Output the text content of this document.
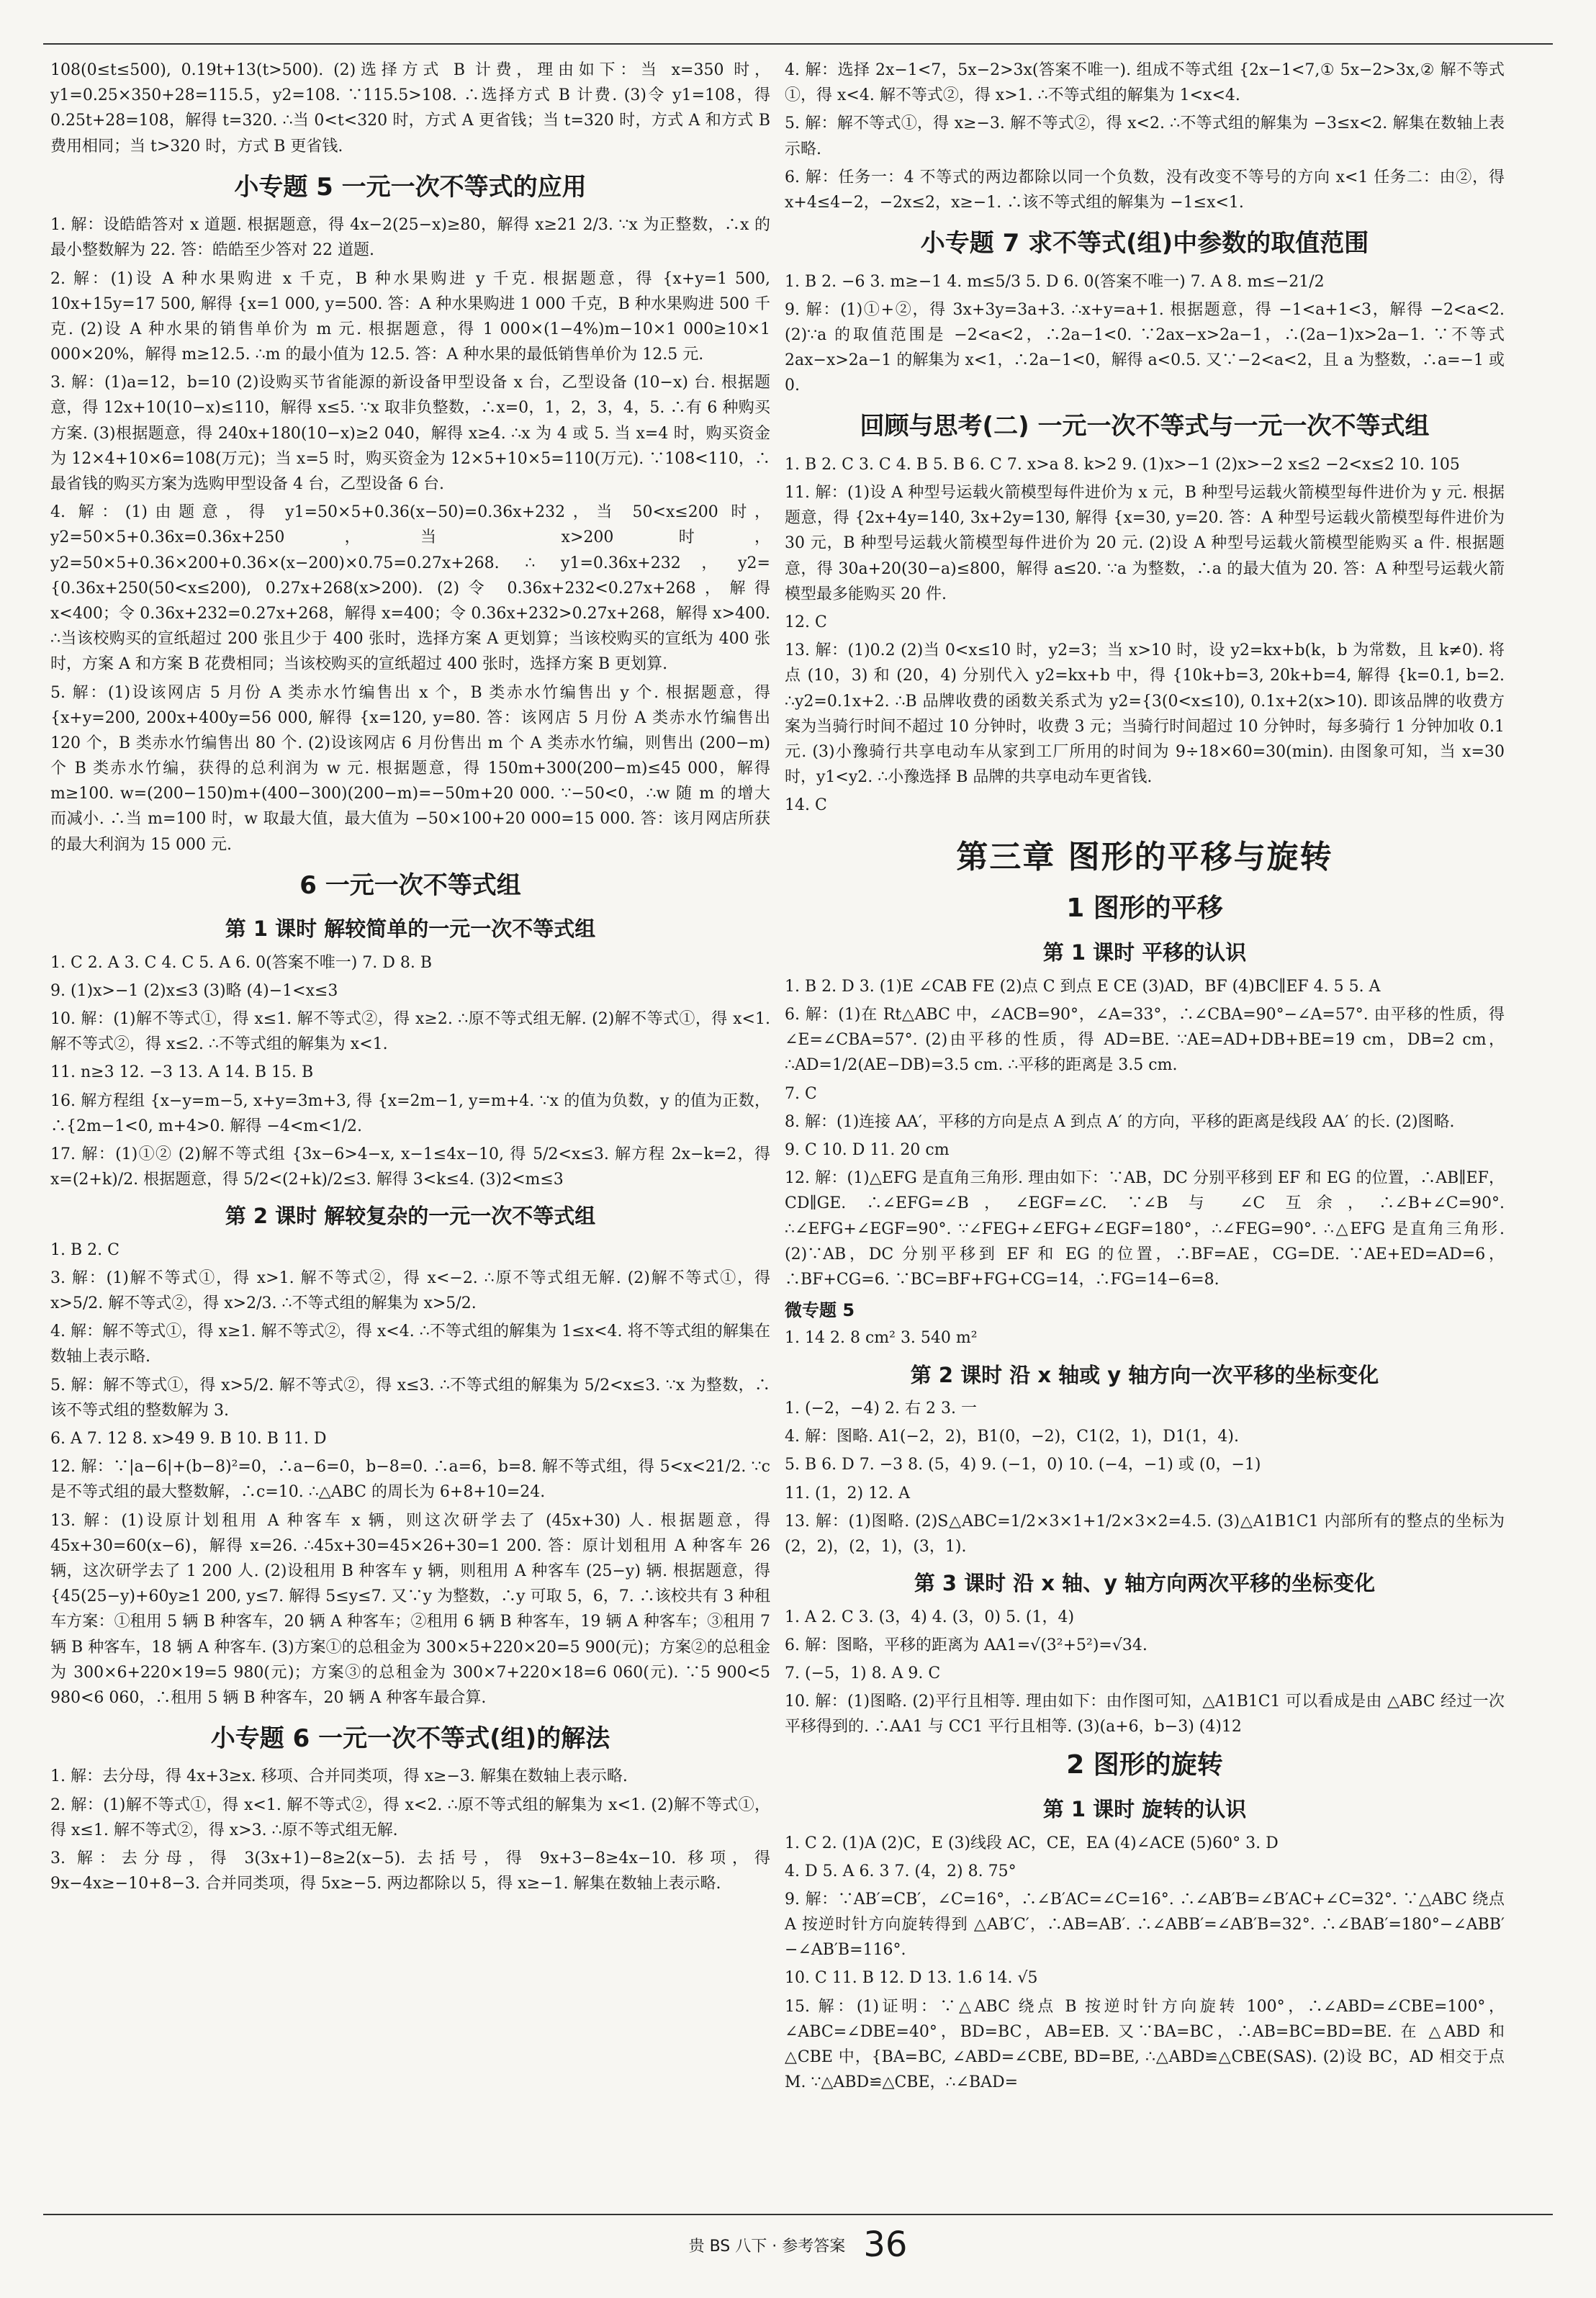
108(0≤t≤500), 0.19t+13(t>500). (2)选择方式 B 计费，理由如下：当 x=350 时，y1=0.25×350+28=115.5，y2=108. ∵115.5>108. ∴选择方式 B 计费. (3)令 y1=108，得 0.25t+28=108，解得 t=320. ∴当 0<t<320 时，方式 A 更省钱；当 t=320 时，方式 A 和方式 B 费用相同；当 t>320 时，方式 B 更省钱.

小专题 5 一元一次不等式的应用

1. 解：设皓皓答对 x 道题. 根据题意，得 4x−2(25−x)≥80，解得 x≥21 2/3. ∵x 为正整数，∴x 的最小整数解为 22. 答：皓皓至少答对 22 道题.

2. 解：(1)设 A 种水果购进 x 千克，B 种水果购进 y 千克. 根据题意，得 {x+y=1 500, 10x+15y=17 500, 解得 {x=1 000, y=500. 答：A 种水果购进 1 000 千克，B 种水果购进 500 千克. (2)设 A 种水果的销售单价为 m 元. 根据题意，得 1 000×(1−4%)m−10×1 000≥10×1 000×20%，解得 m≥12.5. ∴m 的最小值为 12.5. 答：A 种水果的最低销售单价为 12.5 元.

3. 解：(1)a=12，b=10 (2)设购买节省能源的新设备甲型设备 x 台，乙型设备 (10−x) 台. 根据题意，得 12x+10(10−x)≤110，解得 x≤5. ∵x 取非负整数，∴x=0，1，2，3，4，5. ∴有 6 种购买方案. (3)根据题意，得 240x+180(10−x)≥2 040，解得 x≥4. ∴x 为 4 或 5. 当 x=4 时，购买资金为 12×4+10×6=108(万元)；当 x=5 时，购买资金为 12×5+10×5=110(万元). ∵108<110，∴最省钱的购买方案为选购甲型设备 4 台，乙型设备 6 台.

4. 解：(1)由题意，得 y1=50×5+0.36(x−50)=0.36x+232，当 50<x≤200 时，y2=50×5+0.36x=0.36x+250，当 x>200 时，y2=50×5+0.36×200+0.36×(x−200)×0.75=0.27x+268. ∴ y1=0.36x+232，y2={0.36x+250(50<x≤200), 0.27x+268(x>200). (2)令 0.36x+232<0.27x+268，解得 x<400；令 0.36x+232=0.27x+268，解得 x=400；令 0.36x+232>0.27x+268，解得 x>400. ∴当该校购买的宣纸超过 200 张且少于 400 张时，选择方案 A 更划算；当该校购买的宣纸为 400 张时，方案 A 和方案 B 花费相同；当该校购买的宣纸超过 400 张时，选择方案 B 更划算.

5. 解：(1)设该网店 5 月份 A 类赤水竹编售出 x 个，B 类赤水竹编售出 y 个. 根据题意，得 {x+y=200, 200x+400y=56 000, 解得 {x=120, y=80. 答：该网店 5 月份 A 类赤水竹编售出 120 个，B 类赤水竹编售出 80 个. (2)设该网店 6 月份售出 m 个 A 类赤水竹编，则售出 (200−m) 个 B 类赤水竹编，获得的总利润为 w 元. 根据题意，得 150m+300(200−m)≤45 000，解得 m≥100. w=(200−150)m+(400−300)(200−m)=−50m+20 000. ∵−50<0，∴w 随 m 的增大而减小. ∴当 m=100 时，w 取最大值，最大值为 −50×100+20 000=15 000. 答：该月网店所获的最大利润为 15 000 元.

6 一元一次不等式组
第 1 课时 解较简单的一元一次不等式组

1. C 2. A 3. C 4. C 5. A 6. 0(答案不唯一) 7. D 8. B

9. (1)x>−1 (2)x≤3 (3)略 (4)−1<x≤3

10. 解：(1)解不等式①，得 x≤1. 解不等式②，得 x≥2. ∴原不等式组无解. (2)解不等式①，得 x<1. 解不等式②，得 x≤2. ∴不等式组的解集为 x<1.

11. n≥3 12. −3 13. A 14. B 15. B

16. 解方程组 {x−y=m−5, x+y=3m+3, 得 {x=2m−1, y=m+4. ∵x 的值为负数，y 的值为正数，∴{2m−1<0, m+4>0. 解得 −4<m<1/2.

17. 解：(1)①② (2)解不等式组 {3x−6>4−x, x−1≤4x−10, 得 5/2<x≤3. 解方程 2x−k=2，得 x=(2+k)/2. 根据题意，得 5/2<(2+k)/2≤3. 解得 3<k≤4. (3)2<m≤3

第 2 课时 解较复杂的一元一次不等式组

1. B 2. C

3. 解：(1)解不等式①，得 x>1. 解不等式②，得 x<−2. ∴原不等式组无解. (2)解不等式①，得 x>5/2. 解不等式②，得 x>2/3. ∴不等式组的解集为 x>5/2.

4. 解：解不等式①，得 x≥1. 解不等式②，得 x<4. ∴不等式组的解集为 1≤x<4. 将不等式组的解集在数轴上表示略.

5. 解：解不等式①，得 x>5/2. 解不等式②，得 x≤3. ∴不等式组的解集为 5/2<x≤3. ∵x 为整数，∴该不等式组的整数解为 3.

6. A 7. 12 8. x>49 9. B 10. B 11. D

12. 解：∵|a−6|+(b−8)²=0，∴a−6=0，b−8=0. ∴a=6，b=8. 解不等式组，得 5<x<21/2. ∵c 是不等式组的最大整数解，∴c=10. ∴△ABC 的周长为 6+8+10=24.

13. 解：(1)设原计划租用 A 种客车 x 辆，则这次研学去了 (45x+30) 人. 根据题意，得 45x+30=60(x−6)，解得 x=26. ∴45x+30=45×26+30=1 200. 答：原计划租用 A 种客车 26 辆，这次研学去了 1 200 人. (2)设租用 B 种客车 y 辆，则租用 A 种客车 (25−y) 辆. 根据题意，得 {45(25−y)+60y≥1 200, y≤7. 解得 5≤y≤7. 又∵y 为整数，∴y 可取 5，6，7. ∴该校共有 3 种租车方案：①租用 5 辆 B 种客车，20 辆 A 种客车；②租用 6 辆 B 种客车，19 辆 A 种客车；③租用 7 辆 B 种客车，18 辆 A 种客车. (3)方案①的总租金为 300×5+220×20=5 900(元)；方案②的总租金为 300×6+220×19=5 980(元)；方案③的总租金为 300×7+220×18=6 060(元). ∵5 900<5 980<6 060，∴租用 5 辆 B 种客车，20 辆 A 种客车最合算.

小专题 6 一元一次不等式(组)的解法

1. 解：去分母，得 4x+3≥x. 移项、合并同类项，得 x≥−3. 解集在数轴上表示略.

2. 解：(1)解不等式①，得 x<1. 解不等式②，得 x<2. ∴原不等式组的解集为 x<1. (2)解不等式①，得 x≤1. 解不等式②，得 x>3. ∴原不等式组无解.

3. 解：去分母，得 3(3x+1)−8≥2(x−5). 去括号，得 9x+3−8≥4x−10. 移项，得 9x−4x≥−10+8−3. 合并同类项，得 5x≥−5. 两边都除以 5，得 x≥−1. 解集在数轴上表示略.

4. 解：选择 2x−1<7，5x−2>3x(答案不唯一). 组成不等式组 {2x−1<7,① 5x−2>3x,② 解不等式①，得 x<4. 解不等式②，得 x>1. ∴不等式组的解集为 1<x<4.

5. 解：解不等式①，得 x≥−3. 解不等式②，得 x<2. ∴不等式组的解集为 −3≤x<2. 解集在数轴上表示略.

6. 解：任务一：4 不等式的两边都除以同一个负数，没有改变不等号的方向 x<1 任务二：由②，得 x+4≤4−2，−2x≤2，x≥−1. ∴该不等式组的解集为 −1≤x<1.

小专题 7 求不等式(组)中参数的取值范围

1. B 2. −6 3. m≥−1 4. m≤5/3 5. D 6. 0(答案不唯一) 7. A 8. m≤−21/2

9. 解：(1)①+②，得 3x+3y=3a+3. ∴x+y=a+1. 根据题意，得 −1<a+1<3，解得 −2<a<2. (2)∵a 的取值范围是 −2<a<2，∴2a−1<0. ∵2ax−x>2a−1，∴(2a−1)x>2a−1. ∵不等式 2ax−x>2a−1 的解集为 x<1，∴2a−1<0，解得 a<0.5. 又∵−2<a<2，且 a 为整数，∴a=−1 或 0.

回顾与思考(二) 一元一次不等式与一元一次不等式组

1. B 2. C 3. C 4. B 5. B 6. C 7. x>a 8. k>2 9. (1)x>−1 (2)x>−2 x≤2 −2<x≤2 10. 105

11. 解：(1)设 A 种型号运载火箭模型每件进价为 x 元，B 种型号运载火箭模型每件进价为 y 元. 根据题意，得 {2x+4y=140, 3x+2y=130, 解得 {x=30, y=20. 答：A 种型号运载火箭模型每件进价为 30 元，B 种型号运载火箭模型每件进价为 20 元. (2)设 A 种型号运载火箭模型能购买 a 件. 根据题意，得 30a+20(30−a)≤800，解得 a≤20. ∵a 为整数，∴a 的最大值为 20. 答：A 种型号运载火箭模型最多能购买 20 件.

12. C

13. 解：(1)0.2 (2)当 0<x≤10 时，y2=3；当 x>10 时，设 y2=kx+b(k，b 为常数，且 k≠0). 将点 (10，3) 和 (20，4) 分别代入 y2=kx+b 中，得 {10k+b=3, 20k+b=4, 解得 {k=0.1, b=2. ∴y2=0.1x+2. ∴B 品牌收费的函数关系式为 y2={3(0<x≤10), 0.1x+2(x>10). 即该品牌的收费方案为当骑行时间不超过 10 分钟时，收费 3 元；当骑行时间超过 10 分钟时，每多骑行 1 分钟加收 0.1 元. (3)小豫骑行共享电动车从家到工厂所用的时间为 9÷18×60=30(min). 由图象可知，当 x=30 时，y1<y2. ∴小豫选择 B 品牌的共享电动车更省钱.

14. C

第三章 图形的平移与旋转
1 图形的平移
第 1 课时 平移的认识

1. B 2. D 3. (1)E ∠CAB FE (2)点 C 到点 E CE (3)AD，BF (4)BC∥EF 4. 5 5. A

6. 解：(1)在 Rt△ABC 中，∠ACB=90°，∠A=33°，∴∠CBA=90°−∠A=57°. 由平移的性质，得 ∠E=∠CBA=57°. (2)由平移的性质，得 AD=BE. ∵AE=AD+DB+BE=19 cm，DB=2 cm，∴AD=1/2(AE−DB)=3.5 cm. ∴平移的距离是 3.5 cm.

7. C

8. 解：(1)连接 AA′，平移的方向是点 A 到点 A′ 的方向，平移的距离是线段 AA′ 的长. (2)图略.

9. C 10. D 11. 20 cm

12. 解：(1)△EFG 是直角三角形. 理由如下：∵AB，DC 分别平移到 EF 和 EG 的位置，∴AB∥EF，CD∥GE. ∴∠EFG=∠B，∠EGF=∠C. ∵∠B 与 ∠C 互余，∴∠B+∠C=90°. ∴∠EFG+∠EGF=90°. ∵∠FEG+∠EFG+∠EGF=180°，∴∠FEG=90°. ∴△EFG 是直角三角形. (2)∵AB，DC 分别平移到 EF 和 EG 的位置，∴BF=AE，CG=DE. ∵AE+ED=AD=6，∴BF+CG=6. ∵BC=BF+FG+CG=14，∴FG=14−6=8.

微专题 5

1. 14 2. 8 cm² 3. 540 m²

第 2 课时 沿 x 轴或 y 轴方向一次平移的坐标变化

1. (−2，−4) 2. 右 2 3. 一

4. 解：图略. A1(−2，2)，B1(0，−2)，C1(2，1)，D1(1，4).

5. B 6. D 7. −3 8. (5，4) 9. (−1，0) 10. (−4，−1) 或 (0，−1)

11. (1，2) 12. A

13. 解：(1)图略. (2)S△ABC=1/2×3×1+1/2×3×2=4.5. (3)△A1B1C1 内部所有的整点的坐标为 (2，2)，(2，1)，(3，1).

第 3 课时 沿 x 轴、y 轴方向两次平移的坐标变化

1. A 2. C 3. (3，4) 4. (3，0) 5. (1，4)

6. 解：图略，平移的距离为 AA1=√(3²+5²)=√34.

7. (−5，1) 8. A 9. C

10. 解：(1)图略. (2)平行且相等. 理由如下：由作图可知，△A1B1C1 可以看成是由 △ABC 经过一次平移得到的. ∴AA1 与 CC1 平行且相等. (3)(a+6，b−3) (4)12

2 图形的旋转
第 1 课时 旋转的认识

1. C 2. (1)A (2)C，E (3)线段 AC，CE，EA (4)∠ACE (5)60° 3. D

4. D 5. A 6. 3 7. (4，2) 8. 75°

9. 解：∵AB′=CB′，∠C=16°，∴∠B′AC=∠C=16°. ∴∠AB′B=∠B′AC+∠C=32°. ∵△ABC 绕点 A 按逆时针方向旋转得到 △AB′C′，∴AB=AB′. ∴∠ABB′=∠AB′B=32°. ∴∠BAB′=180°−∠ABB′−∠AB′B=116°.

10. C 11. B 12. D 13. 1.6 14. √5

15. 解：(1)证明：∵△ABC 绕点 B 按逆时针方向旋转 100°，∴∠ABD=∠CBE=100°，∠ABC=∠DBE=40°，BD=BC，AB=EB. 又∵BA=BC，∴AB=BC=BD=BE. 在 △ABD 和 △CBE 中，{BA=BC, ∠ABD=∠CBE, BD=BE, ∴△ABD≌△CBE(SAS). (2)设 BC，AD 相交于点 M. ∵△ABD≌△CBE，∴∠BAD=

贵 BS 八下 · 参考答案 36
